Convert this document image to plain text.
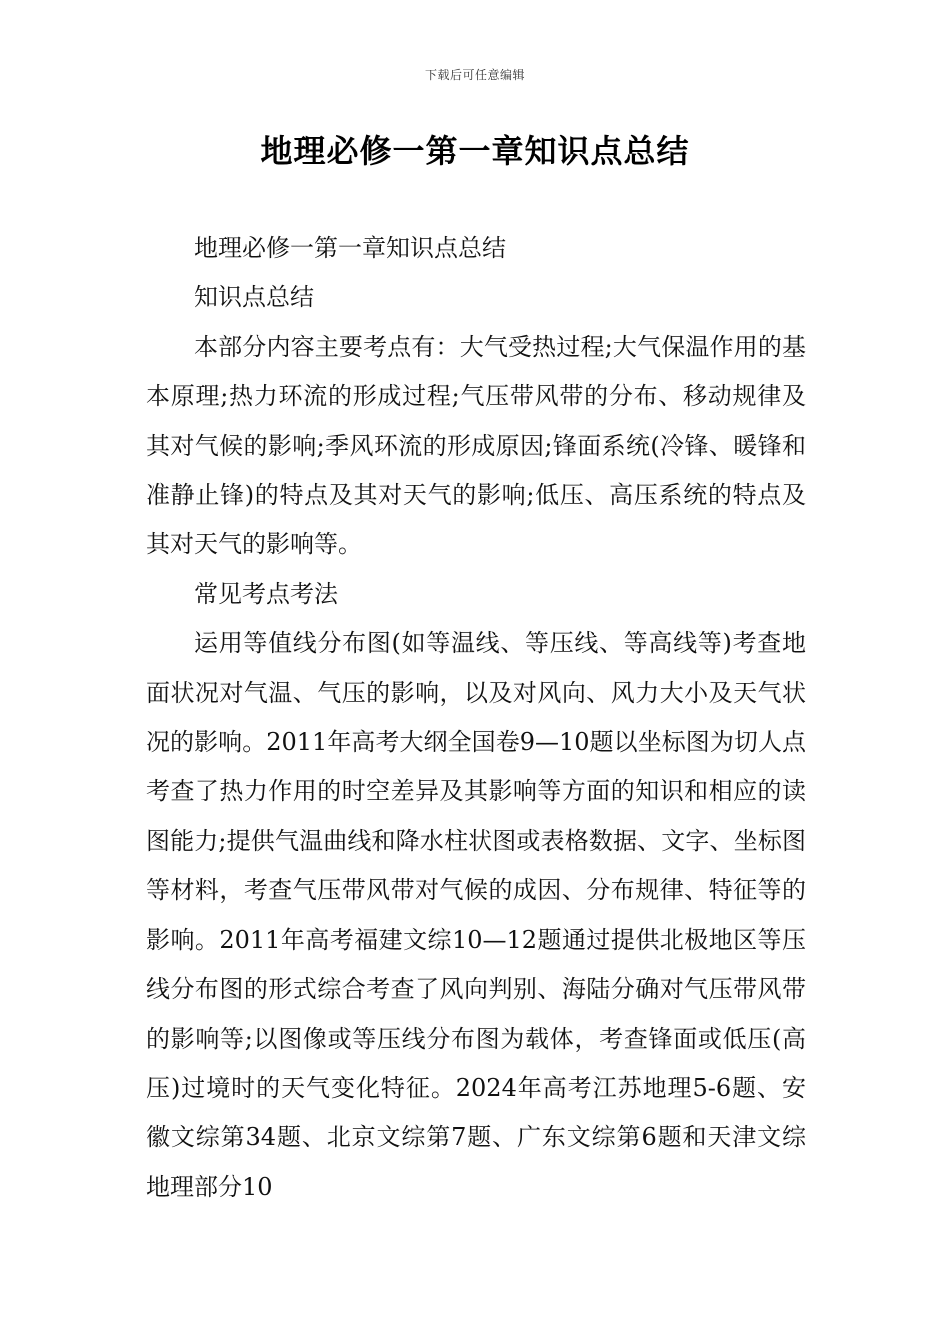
下载后可任意编辑
地理必修一第一章知识点总结

地理必修一第一章知识点总结

知识点总结

本部分内容主要考点有：大气受热过程;大气保温作用的基本原理;热力环流的形成过程;气压带风带的分布、移动规律及其对气候的影响;季风环流的形成原因;锋面系统(冷锋、暖锋和准静止锋)的特点及其对天气的影响;低压、高压系统的特点及其对天气的影响等。

常见考点考法

运用等值线分布图(如等温线、等压线、等高线等)考查地面状况对气温、气压的影响，以及对风向、风力大小及天气状况的影响。2011年高考大纲全国卷9—10题以坐标图为切人点考查了热力作用的时空差异及其影响等方面的知识和相应的读图能力;提供气温曲线和降水柱状图或表格数据、文字、坐标图等材料，考查气压带风带对气候的成因、分布规律、特征等的影响。2011年高考福建文综10—12题通过提供北极地区等压线分布图的形式综合考查了风向判别、海陆分确对气压带风带的影响等;以图像或等压线分布图为载体，考查锋面或低压(高压)过境时的天气变化特征。2024年高考江苏地理5-6题、安徽文综第34题、北京文综第7题、广东文综第6题和天津文综地理部分10
